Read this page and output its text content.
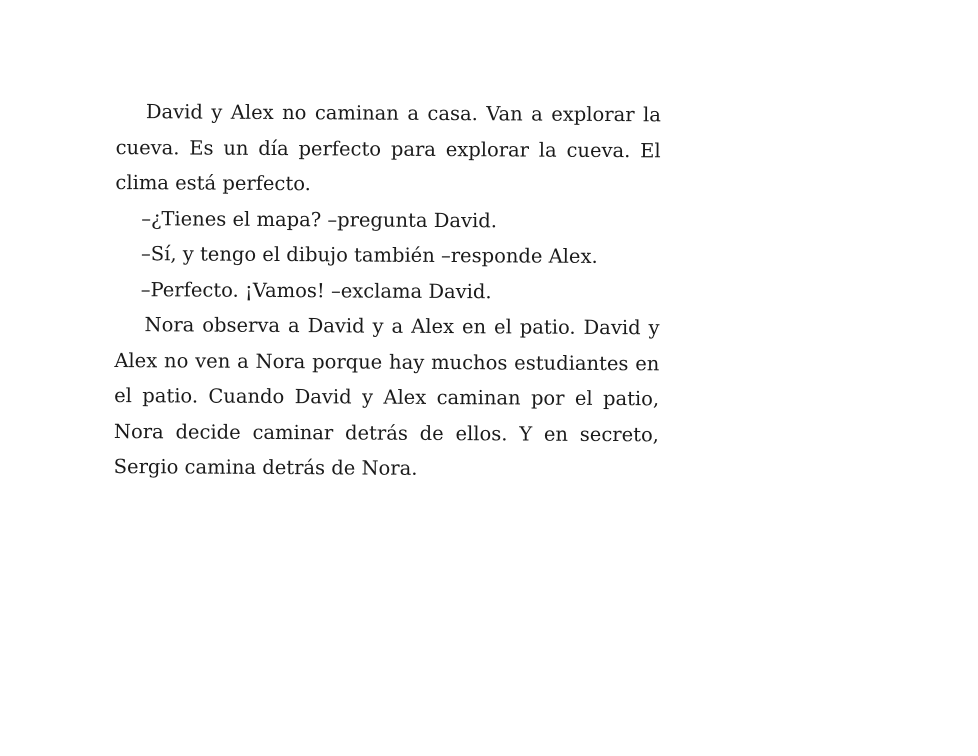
David y Alex no caminan a casa. Van a explorar la cueva. Es un día perfecto para explorar la cueva. El clima está perfecto.

–¿Tienes el mapa? –pregunta David.

–Sí, y tengo el dibujo también –responde Alex.

–Perfecto. ¡Vamos! –exclama David.

Nora observa a David y a Alex en el patio. David y Alex no ven a Nora porque hay muchos estudiantes en el patio. Cuando David y Alex caminan por el patio, Nora decide caminar detrás de ellos. Y en secreto, Sergio camina detrás de Nora.
